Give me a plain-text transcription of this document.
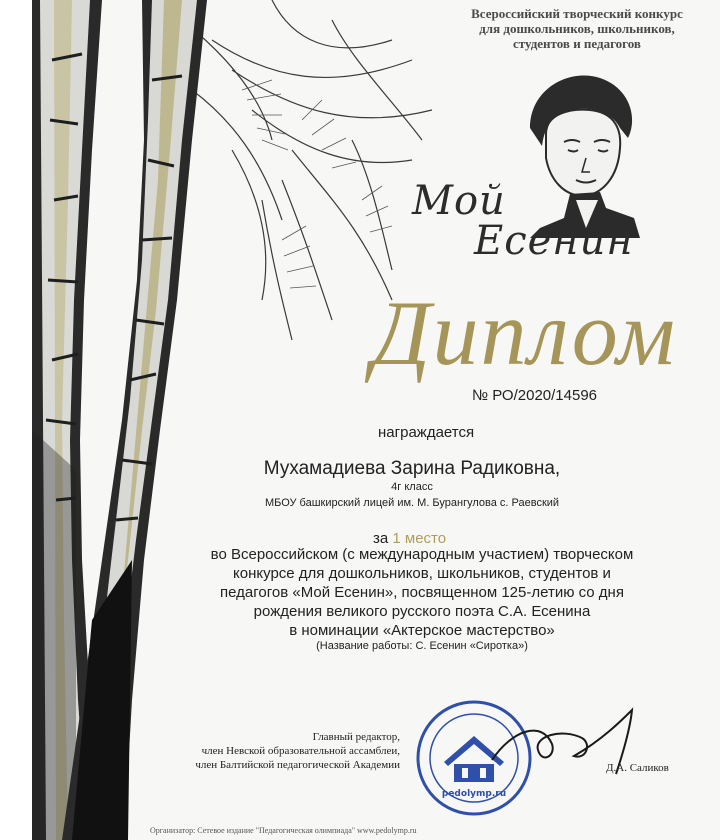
Всероссийский творческий конкурс
для дошкольников, школьников,
студентов и педагогов
Мой
Есенин
Диплом
№ РО/2020/14596
награждается
Мухамадиева Зарина Радиковна,
4г класс
МБОУ башкирский лицей им. М. Бурангулова с. Раевский
за 1 место
во Всероссийском (с международным участием) творческом
конкурсе для дошкольников, школьников, студентов и
педагогов «Мой Есенин», посвященном 125-летию со дня
рождения великого русского поэта С.А. Есенина
в номинации «Актерское мастерство»
(Название работы: С. Есенин «Сиротка»)
Главный редактор,
член Невской образовательной ассамблеи,
член Балтийской педагогической Академии
pedolymp.ru
Д.А. Саликов
Организатор: Сетевое издание "Педагогическая олимпиада" www.pedolymp.ru
